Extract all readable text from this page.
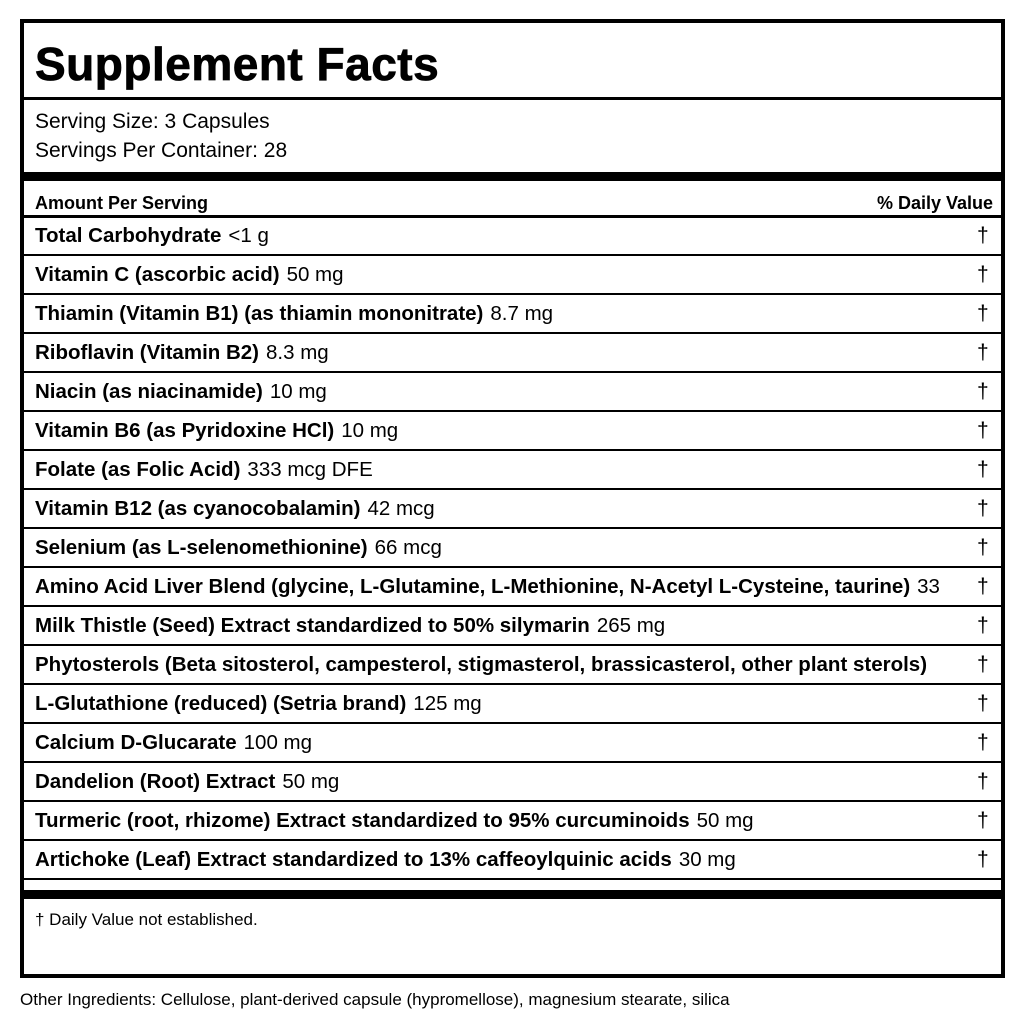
Supplement Facts
Serving Size: 3 Capsules
Servings Per Container: 28
Amount Per Serving	% Daily Value
Total Carbohydrate <1 g	†
Vitamin C (ascorbic acid) 50 mg	†
Thiamin (Vitamin B1) (as thiamin mononitrate) 8.7 mg	†
Riboflavin (Vitamin B2) 8.3 mg	†
Niacin (as niacinamide) 10 mg	†
Vitamin B6 (as Pyridoxine HCl) 10 mg	†
Folate (as Folic Acid) 333 mcg DFE	†
Vitamin B12 (as cyanocobalamin) 42 mcg	†
Selenium (as L-selenomethionine) 66 mcg	†
Amino Acid Liver Blend (glycine, L-Glutamine, L-Methionine, N-Acetyl L-Cysteine, taurine) 33 †
Milk Thistle (Seed) Extract standardized to 50% silymarin 265 mg	†
Phytosterols (Beta sitosterol, campesterol, stigmasterol, brassicasterol, other plant sterols)	†
L-Glutathione (reduced) (Setria brand) 125 mg	†
Calcium D-Glucarate 100 mg	†
Dandelion (Root) Extract 50 mg	†
Turmeric (root, rhizome) Extract standardized to 95% curcuminoids 50 mg	†
Artichoke (Leaf) Extract standardized to 13% caffeoylquinic acids 30 mg	†
† Daily Value not established.
Other Ingredients: Cellulose, plant-derived capsule (hypromellose), magnesium stearate, silica
